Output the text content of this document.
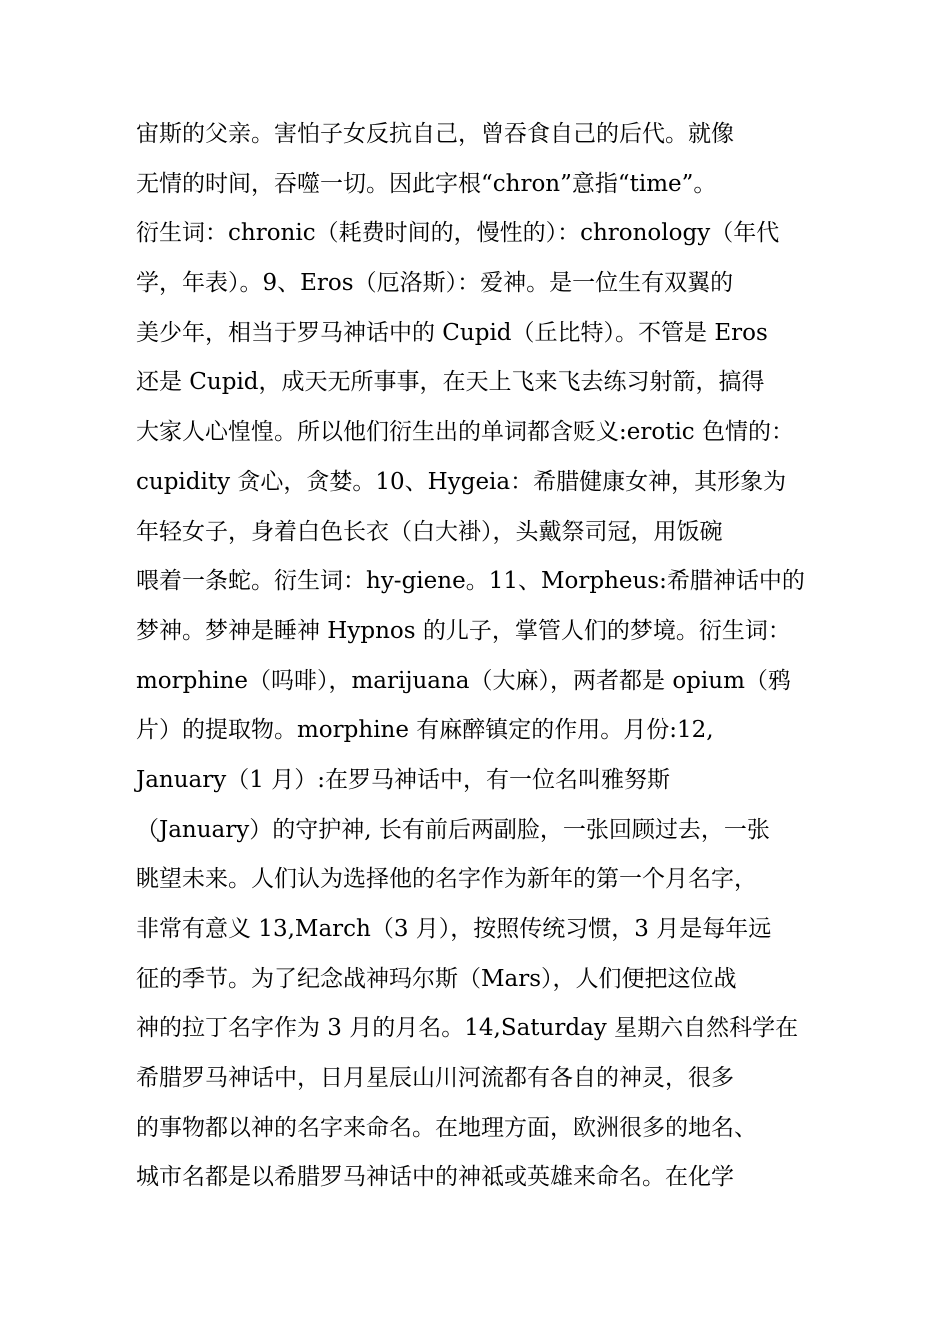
宙斯的父亲。害怕子女反抗自己，曾吞食自己的后代。就像
无情的时间，吞噬一切。因此字根“chron”意指“time”。
衍生词：chronic（耗费时间的，慢性的）：chronology（年代
学，年表）。9、Eros（厄洛斯）：爱神。是一位生有双翼的
美少年，相当于罗马神话中的 Cupid（丘比特）。不管是 Eros
还是 Cupid，成天无所事事，在天上飞来飞去练习射箭，搞得
大家人心惶惶。所以他们衍生出的单词都含贬义:erotic 色情的：
cupidity 贪心，贪婪。10、Hygeia：希腊健康女神，其形象为
年轻女子，身着白色长衣（白大褂），头戴祭司冠，用饭碗
喂着一条蛇。衍生词：hy-giene。11、Morpheus:希腊神话中的
梦神。梦神是睡神 Hypnos 的儿子，掌管人们的梦境。衍生词：
morphine（吗啡），marijuana（大麻），两者都是 opium（鸦
片）的提取物。morphine 有麻醉镇定的作用。月份:12,
January（1 月）:在罗马神话中，有一位名叫雅努斯
（January）的守护神, 长有前后两副脸，一张回顾过去，一张
眺望未来。人们认为选择他的名字作为新年的第一个月名字，
非常有意义 13,March（3 月），按照传统习惯，3 月是每年远
征的季节。为了纪念战神玛尔斯（Mars），人们便把这位战
神的拉丁名字作为 3 月的月名。14,Saturday 星期六自然科学在
希腊罗马神话中，日月星辰山川河流都有各自的神灵，很多
的事物都以神的名字来命名。在地理方面，欧洲很多的地名、
城市名都是以希腊罗马神话中的神祗或英雄来命名。在化学
